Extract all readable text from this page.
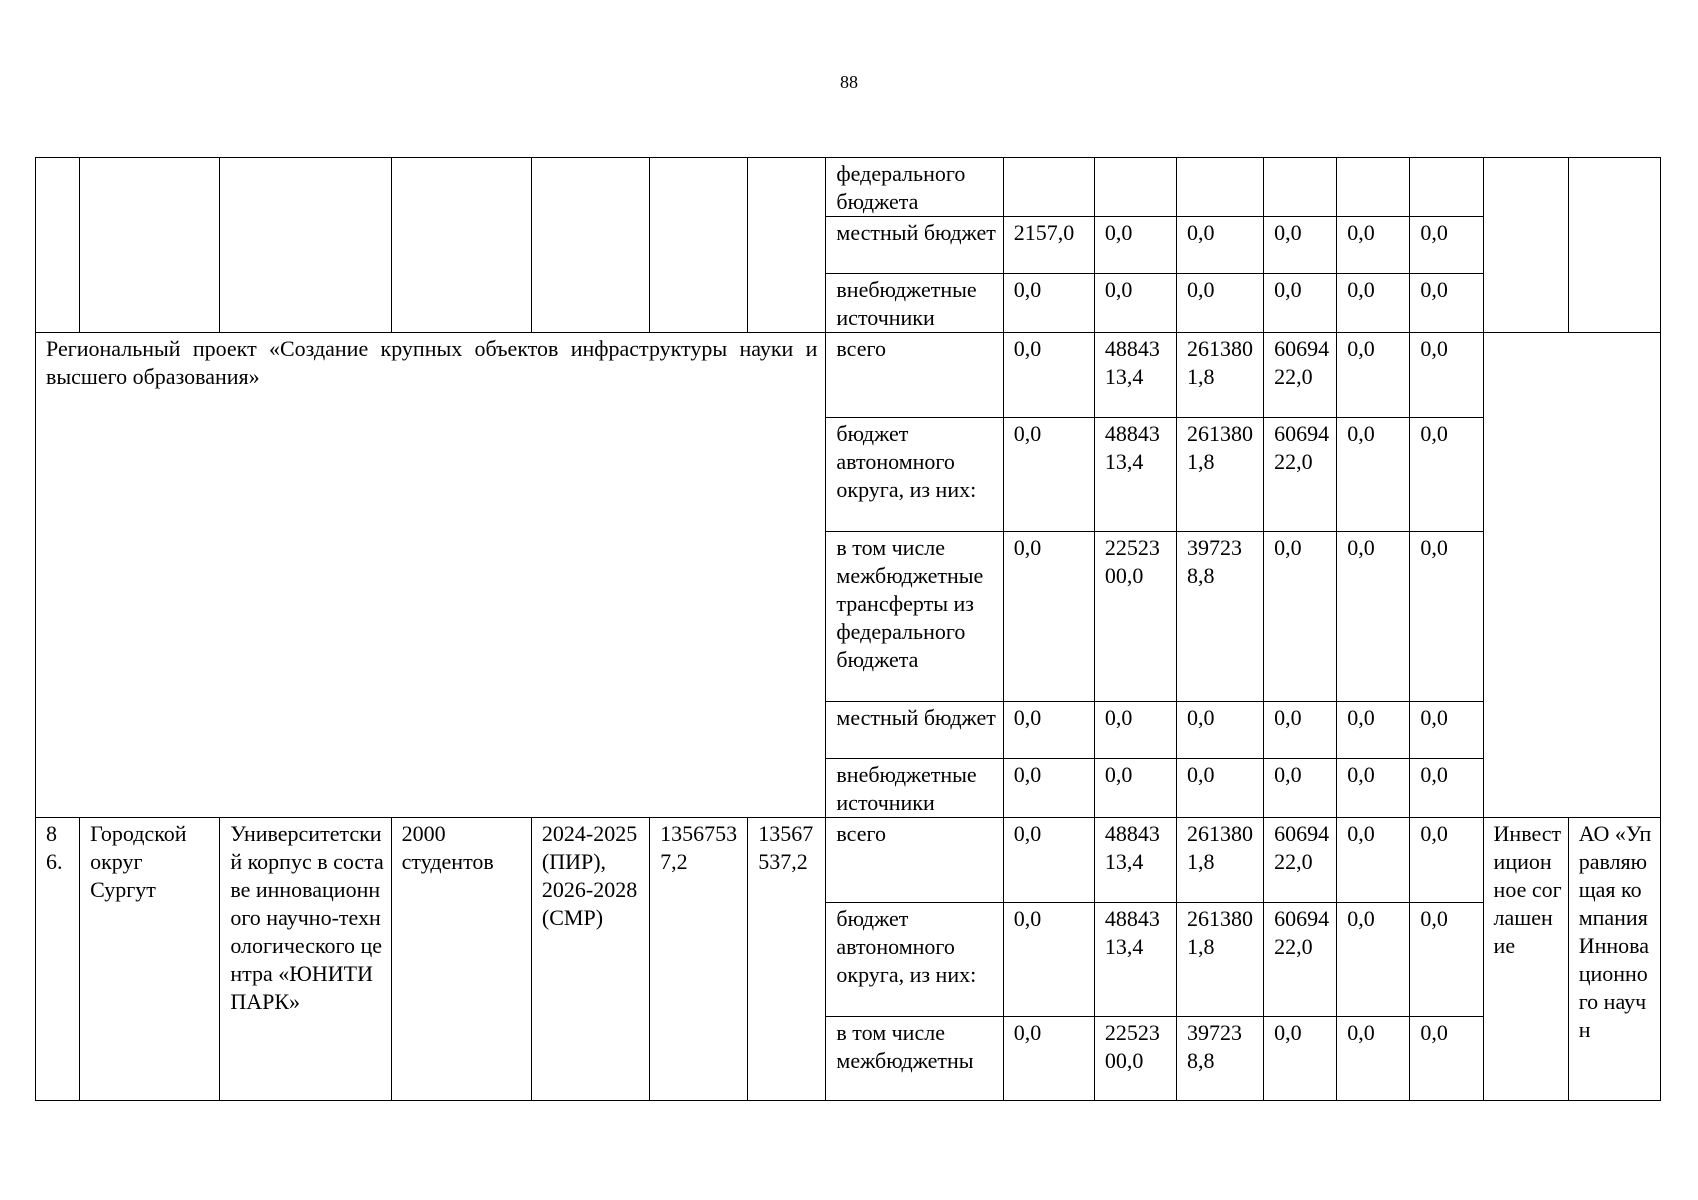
88
							федерального бюджета								
							местный бюджет	2157,0	0,0	0,0	0,0	0,0	0,0		
							внебюджетные источники	0,0	0,0	0,0	0,0	0,0	0,0		
Региональный проект «Создание крупных объектов инфраструктуры науки и высшего образования»							всего	0,0	4884313,4	2613801,8	6069422,0	0,0	0,0		
							бюджет автономного округа, из них:	0,0	4884313,4	2613801,8	6069422,0	0,0	0,0		
							в том числе межбюджетные трансферты из федерального бюджета	0,0	2252300,0	397238,8	0,0	0,0	0,0		
							местный бюджет	0,0	0,0	0,0	0,0	0,0	0,0		
							внебюджетные источники	0,0	0,0	0,0	0,0	0,0	0,0		
8 6.	Городской округ Сургут	Университетский корпус в составе инновационного научно-технологического центра «ЮНИТИ ПАРК»	2000 студентов	2024-2025 (ПИР), 2026-2028 (СМР)	13567537,2	13567537,2	всего	0,0	4884313,4	2613801,8	6069422,0	0,0	0,0	Инвестиционное соглашение	АО «Управляющая компания Инновационного научн
							бюджет автономного округа, из них:	0,0	4884313,4	2613801,8	6069422,0	0,0	0,0		
							в том числе межбюджетны	0,0	2252300,0	397238,8	0,0	0,0	0,0		
